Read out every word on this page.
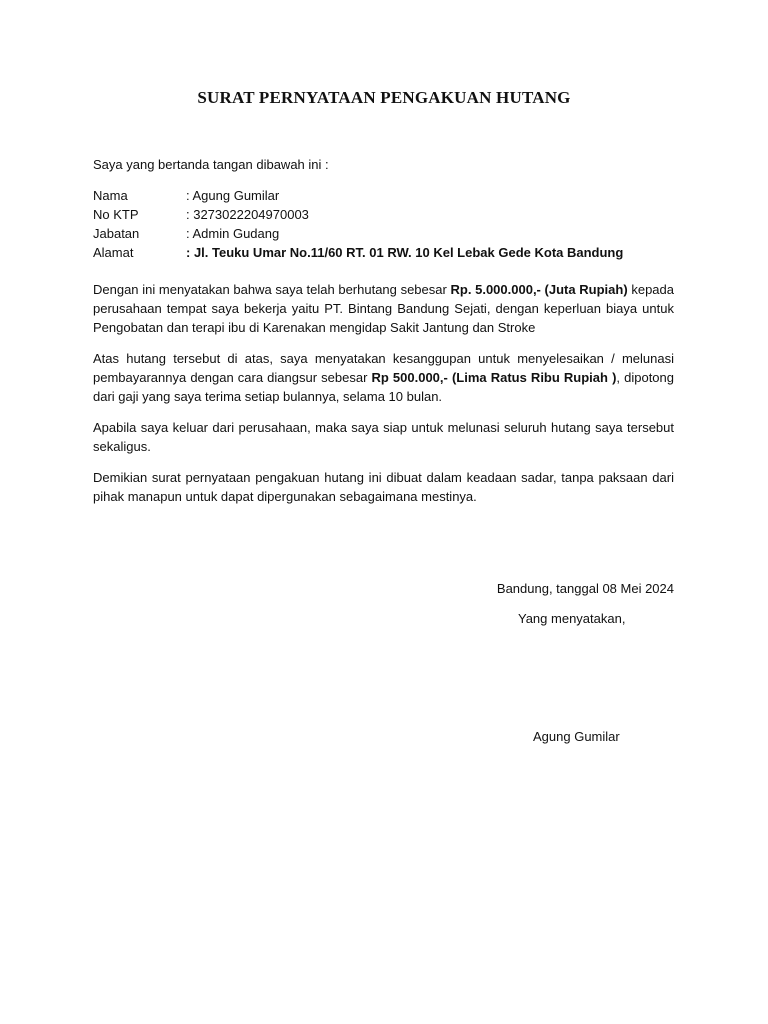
SURAT PERNYATAAN PENGAKUAN HUTANG
Saya yang bertanda tangan dibawah ini :
Nama	: Agung Gumilar
No KTP	: 3273022204970003
Jabatan	: Admin Gudang
Alamat	: Jl. Teuku Umar No.11/60 RT. 01 RW. 10 Kel Lebak Gede Kota Bandung

Dengan ini menyatakan bahwa saya telah berhutang sebesar Rp. 5.000.000,- (Juta Rupiah) kepada perusahaan tempat saya bekerja yaitu PT. Bintang Bandung Sejati, dengan keperluan biaya untuk Pengobatan dan terapi ibu di Karenakan mengidap Sakit Jantung dan Stroke

Atas hutang tersebut di atas, saya menyatakan kesanggupan untuk menyelesaikan / melunasi pembayarannya dengan cara diangsur sebesar Rp 500.000,- (Lima Ratus Ribu Rupiah ), dipotong dari gaji yang saya terima setiap bulannya, selama 10 bulan.

Apabila saya keluar dari perusahaan, maka saya siap untuk melunasi seluruh hutang saya tersebut sekaligus.

Demikian surat pernyataan pengakuan hutang ini dibuat dalam keadaan sadar, tanpa paksaan dari pihak manapun untuk dapat dipergunakan sebagaimana mestinya.

Bandung, tanggal 08 Mei 2024
Yang menyatakan,
Agung Gumilar
